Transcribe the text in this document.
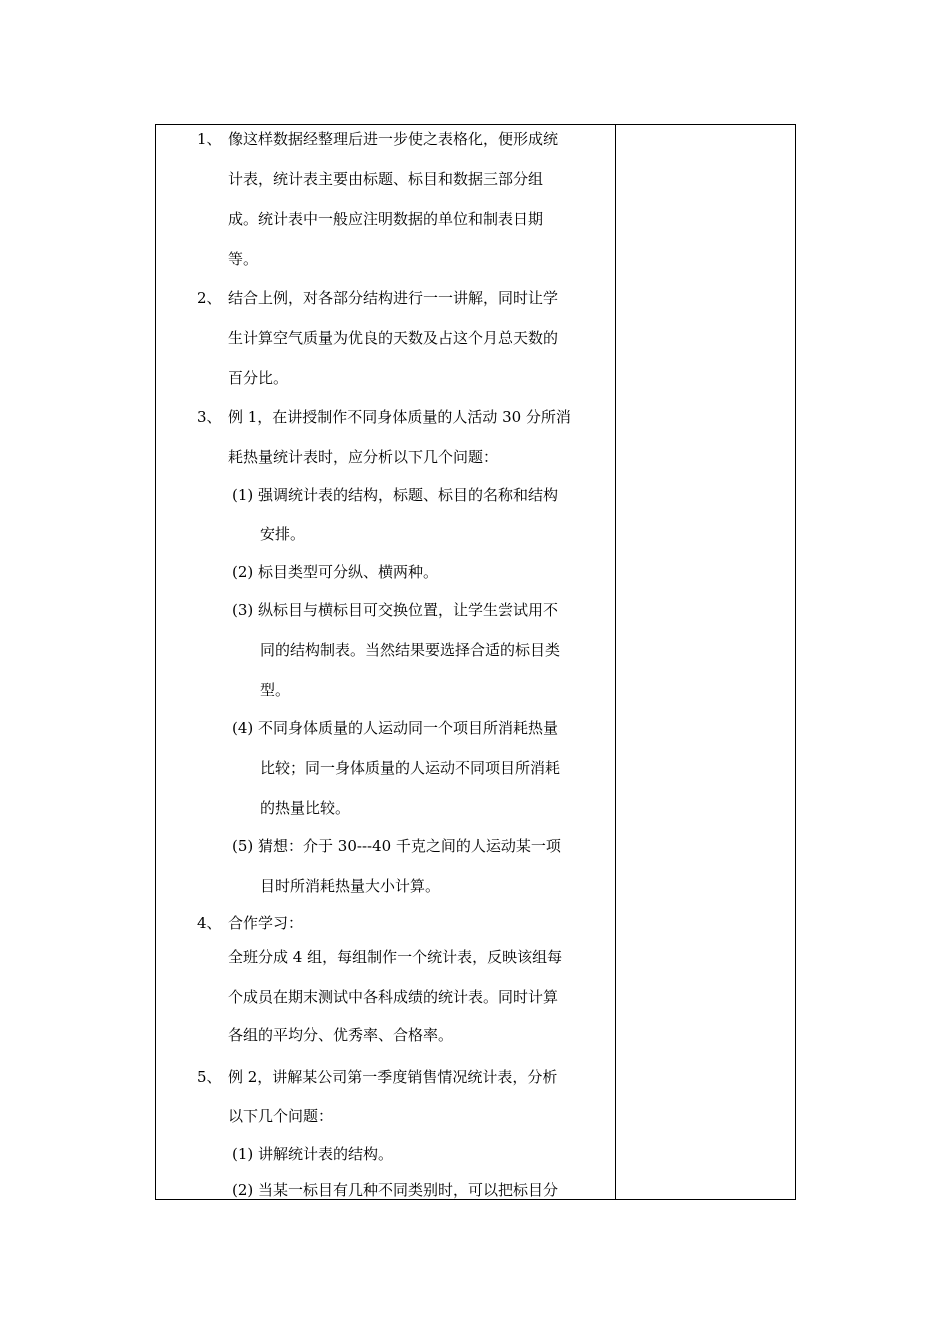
1、 像这样数据经整理后进一步使之表格化，便形成统
计表，统计表主要由标题、标目和数据三部分组
成。统计表中一般应注明数据的单位和制表日期
等。
2、 结合上例，对各部分结构进行一一讲解，同时让学
生计算空气质量为优良的天数及占这个月总天数的
百分比。
3、 例 1，在讲授制作不同身体质量的人活动 30 分所消
耗热量统计表时，应分析以下几个问题：
(1) 强调统计表的结构，标题、标目的名称和结构
安排。
(2) 标目类型可分纵、横两种。
(3) 纵标目与横标目可交换位置，让学生尝试用不
同的结构制表。当然结果要选择合适的标目类
型。
(4) 不同身体质量的人运动同一个项目所消耗热量
比较；同一身体质量的人运动不同项目所消耗
的热量比较。
(5) 猜想：介于 30---40 千克之间的人运动某一项
目时所消耗热量大小计算。
4、 合作学习：
全班分成 4 组，每组制作一个统计表，反映该组每
个成员在期末测试中各科成绩的统计表。同时计算
各组的平均分、优秀率、合格率。
5、 例 2，讲解某公司第一季度销售情况统计表，分析
以下几个问题：
(1) 讲解统计表的结构。
(2) 当某一标目有几种不同类别时，可以把标目分
